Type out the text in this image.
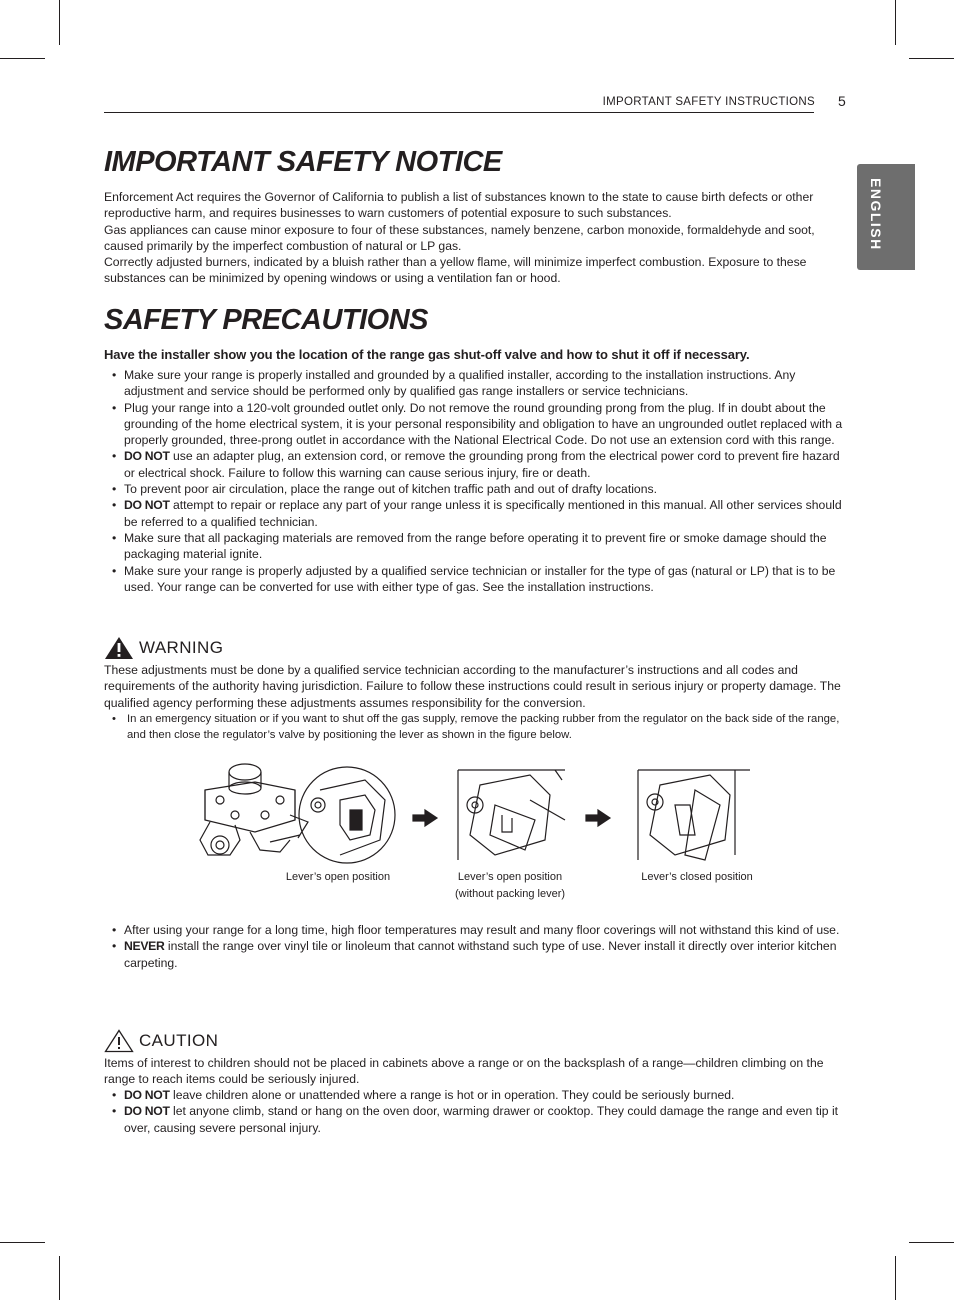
IMPORTANT SAFETY INSTRUCTIONS 5
ENGLISH
IMPORTANT SAFETY NOTICE

Enforcement Act requires the Governor of California to publish a list of substances known to the state to cause birth defects or other reproductive harm, and requires businesses to warn customers of potential exposure to such substances.

Gas appliances can cause minor exposure to four of these substances, namely benzene, carbon monoxide, formaldehyde and soot, caused primarily by the imperfect combustion of natural or LP gas.

Correctly adjusted burners, indicated by a bluish rather than a yellow flame, will minimize imperfect combustion. Exposure to these substances can be minimized by opening windows or using a ventilation fan or hood.

SAFETY PRECAUTIONS

Have the installer show you the location of the range gas shut-off valve and how to shut it off if necessary.

• Make sure your range is properly installed and grounded by a qualified installer, according to the installation instructions. Any adjustment and service should be performed only by qualified gas range installers or service technicians.
• Plug your range into a 120-volt grounded outlet only. Do not remove the round grounding prong from the plug. If in doubt about the grounding of the home electrical system, it is your personal responsibility and obligation to have an ungrounded outlet replaced with a properly grounded, three-prong outlet in accordance with the National Electrical Code. Do not use an extension cord with this range.
• DO NOT use an adapter plug, an extension cord, or remove the grounding prong from the electrical power cord to prevent fire hazard or electrical shock. Failure to follow this warning can cause serious injury, fire or death.
• To prevent poor air circulation, place the range out of kitchen traffic path and out of drafty locations.
• DO NOT attempt to repair or replace any part of your range unless it is specifically mentioned in this manual. All other services should be referred to a qualified technician.
• Make sure that all packaging materials are removed from the range before operating it to prevent fire or smoke damage should the packaging material ignite.
• Make sure your range is properly adjusted by a qualified service technician or installer for the type of gas (natural or LP) that is to be used. Your range can be converted for use with either type of gas. See the installation instructions.
WARNING

These adjustments must be done by a qualified service technician according to the manufacturer’s instructions and all codes and requirements of the authority having jurisdiction. Failure to follow these instructions could result in serious injury or property damage. The qualified agency performing these adjustments assumes responsibility for the conversion.

• In an emergency situation or if you want to shut off the gas supply, remove the packing rubber from the regulator on the back side of the range, and then close the regulator’s valve by positioning the lever as shown in the figure below.
Lever’s open position	Lever’s open position
(without packing lever)
Lever’s closed position
• After using your range for a long time, high floor temperatures may result and many floor coverings will not withstand this kind of use.
• NEVER install the range over vinyl tile or linoleum that cannot withstand such type of use. Never install it directly over interior kitchen carpeting.
CAUTION

Items of interest to children should not be placed in cabinets above a range or on the backsplash of a range—children climbing on the range to reach items could be seriously injured.

• DO NOT leave children alone or unattended where a range is hot or in operation. They could be seriously burned.
• DO NOT let anyone climb, stand or hang on the oven door, warming drawer or cooktop. They could damage the range and even tip it over, causing severe personal injury.
